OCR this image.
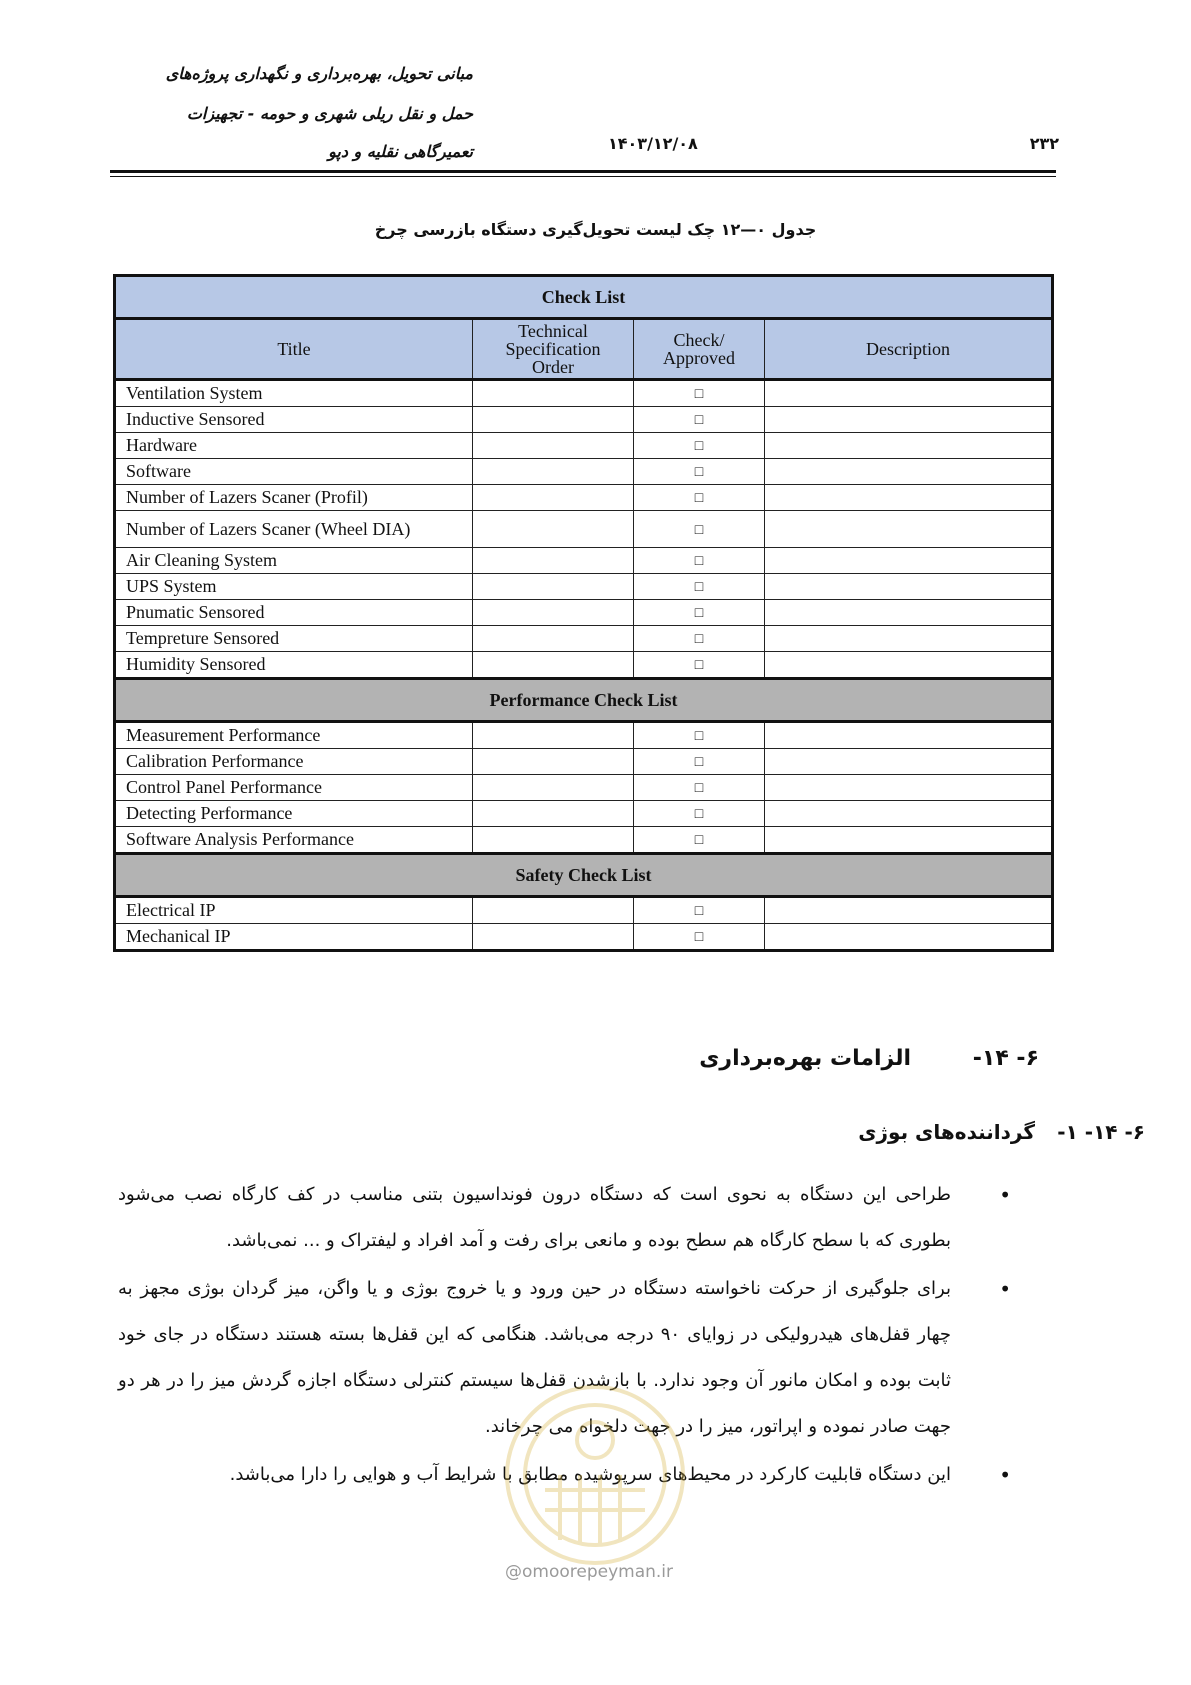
مبانی تحویل، بهره‌برداری و نگهداری پروژه‌های
حمل و نقل ریلی شهری و حومه - تجهیزات
تعمیرگاهی نقلیه و دپو	۱۴۰۳/۱۲/۰۸	۲۳۲
جدول ۰—۱۲ چک لیست تحویل‌گیری دستگاه بازرسی چرخ
Check List			
Title	Technical Specification Order	Check/ Approved	Description
Ventilation System		□	
Inductive Sensored		□	
Hardware		□	
Software		□	
Number of Lazers Scaner (Profil)		□	
Number of Lazers Scaner (Wheel DIA)		□	
Air Cleaning System		□	
UPS System		□	
Pnumatic Sensored		□	
Tempreture Sensored		□	
Humidity Sensored		□	
Performance Check List			
Measurement Performance		□	
Calibration Performance		□	
Control Panel Performance		□	
Detecting Performance		□	
Software Analysis Performance		□	
Safety Check List			
Electrical IP		□	
Mechanical IP		□	
۶- ۱۴-
الزامات بهره‌برداری
۶- ۱۴- ۱-
گرداننده‌های بوژی
• طراحی این دستگاه به نحوی است که دستگاه درون فونداسیون بتنی مناسب در کف کارگاه نصب می‌شود بطوری که با سطح کارگاه هم سطح بوده و مانعی برای رفت و آمد افراد و لیفتراک و ... نمی‌باشد.
• برای جلوگیری از حرکت ناخواسته دستگاه در حین ورود و یا خروج بوژی و یا واگن، میز گردان بوژی مجهز به چهار قفل‌های هیدرولیکی در زوایای ۹۰ درجه می‌باشد. هنگامی که این قفل‌ها بسته هستند دستگاه در جای خود ثابت بوده و امکان مانور آن وجود ندارد. با بازشدن قفل‌ها سیستم کنترلی دستگاه اجازه گردش میز را در هر دو جهت صادر نموده و اپراتور، میز را در جهت دلخواه می چرخاند.
• این دستگاه قابلیت کارکرد در محیط‌های سرپوشیده مطابق با شرایط آب و هوایی را دارا می‌باشد.
@omoorepeyman.ir
